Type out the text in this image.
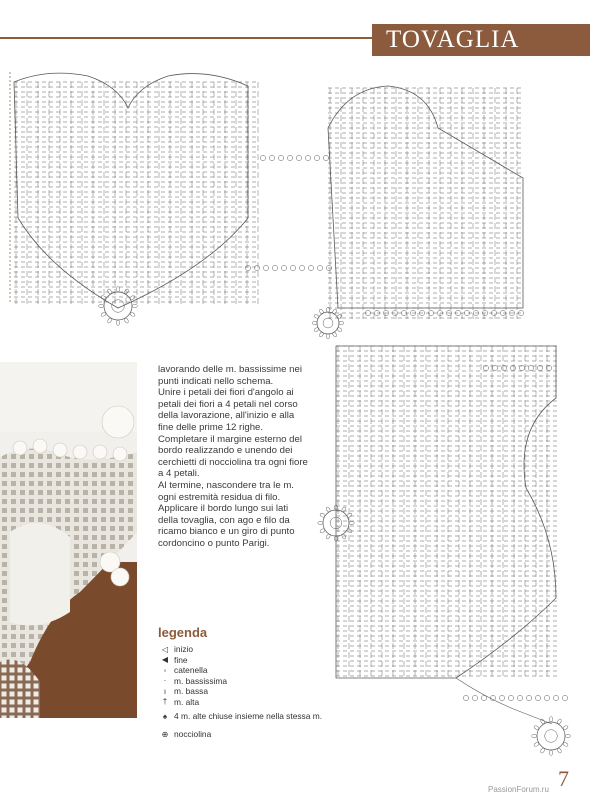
TOVAGLIA

lavorando delle m. bassissime nei punti indicati nello schema.

Unire i petali dei fiori d'angolo ai petali dei fiori a 4 petali nel corso della lavorazione, all'inizio e alla fine delle prime 12 righe.

Completare il margine esterno del bordo realizzando e unendo dei cerchietti di nocciolina tra ogni fiore a 4 petali.

Al termine, nascondere tra le m. ogni estremità residua di filo.

Applicare il bordo lungo sui lati della tovaglia, con ago e filo da ricamo bianco e un giro di punto cordoncino o punto Parigi.

legenda
◁ inizio
◀ fine
◦ catenella
· m. bassissima
ı m. bassa
† m. alta
♠ 4 m. alte chiuse insieme nella stessa m.
⊕ nocciolina
7
PassionForum.ru
